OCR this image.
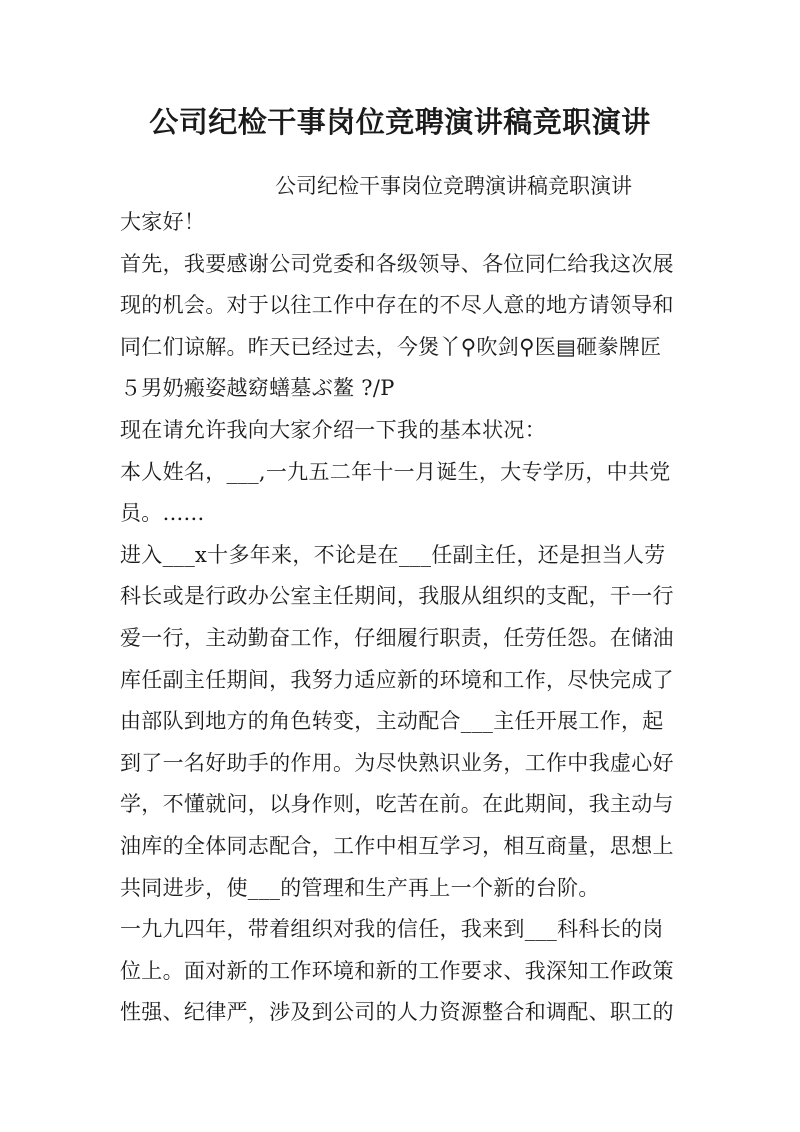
公司纪检干事岗位竞聘演讲稿竞职演讲

公司纪检干事岗位竞聘演讲稿竞职演讲

大家好！
首先，我要感谢公司党委和各级领导、各位同仁给我这次展
现的机会。对于以往工作中存在的不尽人意的地方请领导和
同仁们谅解。昨天已经过去，今煲丫⚲吹剑⚲医▤砸豢牌匠
５男奶瘢姿越窈蟮墓ぶ鳌 ?/P
现在请允许我向大家介绍一下我的基本状况：
本人姓名，___,一九五二年十一月诞生，大专学历，中共党
员。......
进入___x十多年来，不论是在___任副主任，还是担当人劳
科长或是行政办公室主任期间，我服从组织的支配，干一行
爱一行，主动勤奋工作，仔细履行职责，任劳任怨。在储油
库任副主任期间，我努力适应新的环境和工作，尽快完成了
由部队到地方的角色转变，主动配合___主任开展工作，起
到了一名好助手的作用。为尽快熟识业务，工作中我虚心好
学，不懂就问，以身作则，吃苦在前。在此期间，我主动与
油库的全体同志配合，工作中相互学习，相互商量，思想上
共同进步，使___的管理和生产再上一个新的台阶。
一九九四年，带着组织对我的信任，我来到___科科长的岗
位上。面对新的工作环境和新的工作要求、我深知工作政策
性强、纪律严，涉及到公司的人力资源整合和调配、职工的
